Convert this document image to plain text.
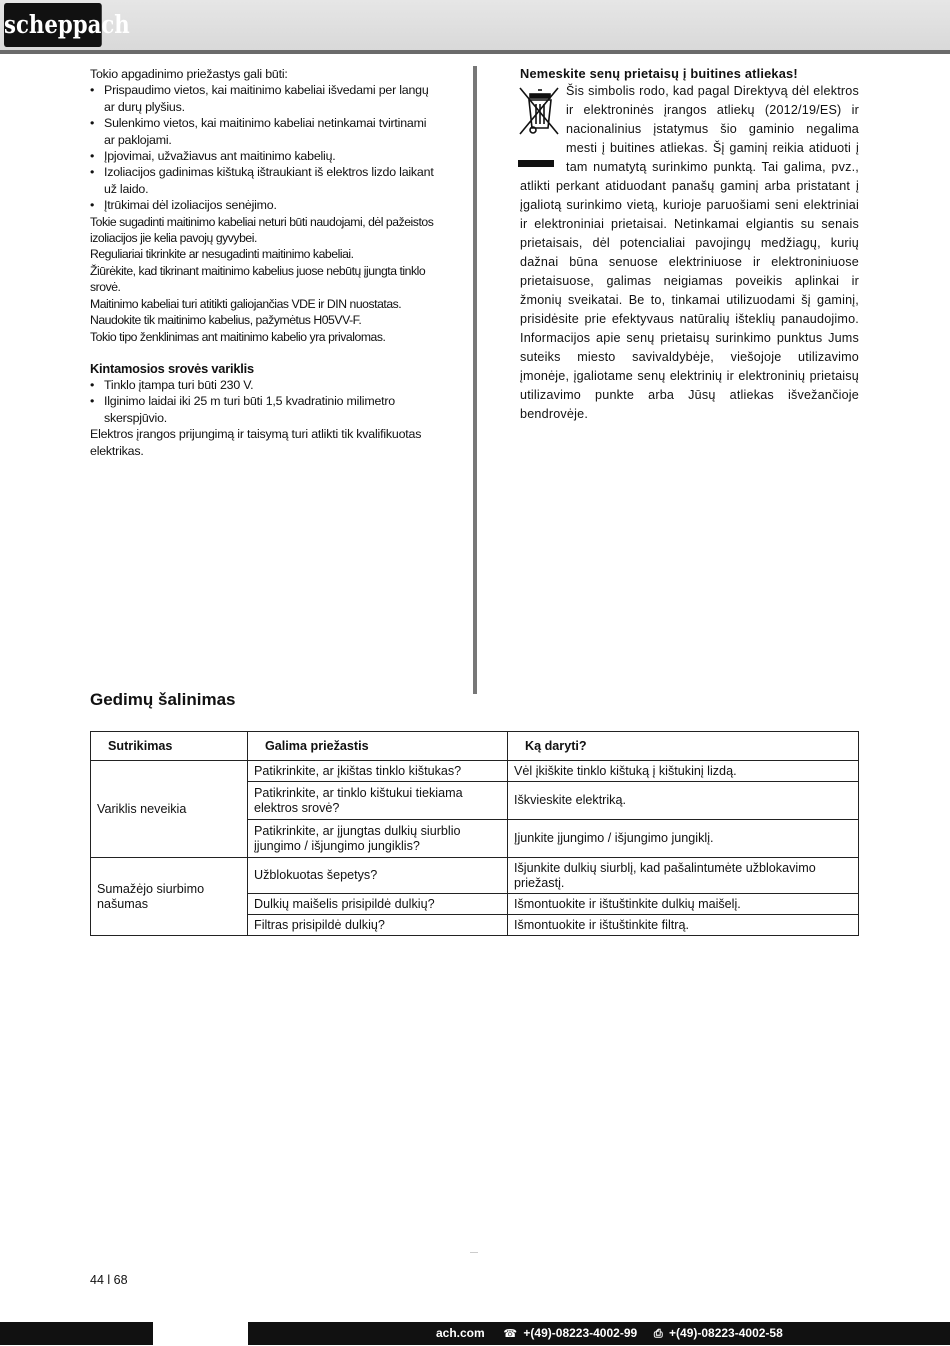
scheppach

Tokio apgadinimo priežastys gali būti:

• Prispaudimo vietos, kai maitinimo kabeliai išvedami per langų ar durų plyšius.
• Sulenkimo vietos, kai maitinimo kabeliai netinkamai tvirtinami ar paklojami.
• Įpjovimai, užvažiavus ant maitinimo kabelių.
• Izoliacijos gadinimas kištuką ištraukiant iš elektros lizdo laikant už laido.
• Įtrūkimai dėl izoliacijos senėjimo.

Tokie sugadinti maitinimo kabeliai neturi būti naudojami, dėl pažeistos izoliacijos jie kelia pavojų gyvybei.

Reguliariai tikrinkite ar nesugadinti maitinimo kabeliai.

Žiūrėkite, kad tikrinant maitinimo kabelius juose nebūtų įjungta tinklo srovė.

Maitinimo kabeliai turi atitikti galiojančias VDE ir DIN nuostatas. Naudokite tik maitinimo kabelius, pažymėtus H05VV-F.

Tokio tipo ženklinimas ant maitinimo kabelio yra privalomas.

Kintamosios srovės variklis
• Tinklo įtampa turi būti 230 V.
• Ilginimo laidai iki 25 m turi būti 1,5 kvadratinio milimetro skerspjūvio.

Elektros įrangos prijungimą ir taisymą turi atlikti tik kvalifikuotas elektrikas.

Nemeskite senų prietaisų į buitines atliekas!

Šis simbolis rodo, kad pagal Direktyvą dėl elektros ir elektroninės įrangos atliekų (2012/19/ES) ir nacionalinius įstatymus šio gaminio negalima mesti į buitines atliekas. Šį gaminį reikia atiduoti į tam numatytą surinkimo punktą. Tai galima, pvz., atlikti perkant atiduodant panašų gaminį arba pristatant į įgaliotą surinkimo vietą, kurioje paruošiami seni elektriniai ir elektroniniai prietaisai. Netinkamai elgiantis su senais prietaisais, dėl potencialiai pavojingų medžiagų, kurių dažnai būna senuose elektriniuose ir elektroniniuose prietaisuose, galimas neigiamas poveikis aplinkai ir žmonių sveikatai. Be to, tinkamai utilizuodami šį gaminį, prisidėsite prie efektyvaus natūralių išteklių panaudojimo. Informacijos apie senų prietaisų surinkimo punktus Jums suteiks miesto savivaldybėje, viešojoje utilizavimo įmonėje, įgaliotame senų elektrinių ir elektroninių prietaisų utilizavimo punkte arba Jūsų atliekas išvežančioje bendrovėje.

Gedimų šalinimas
Sutrikimas	Galima priežastis	Ką daryti?
Variklis neveikia	Patikrinkite, ar įkištas tinklo kištukas?	Vėl įkiškite tinklo kištuką į kištukinį lizdą.
	Patikrinkite, ar tinklo kištukui tiekiama elektros srovė?	Iškvieskite elektriką.
	Patikrinkite, ar įjungtas dulkių siurblio įjungimo / išjungimo jungiklis?	Įjunkite įjungimo / išjungimo jungiklį.
Sumažėjo siurbimo našumas	Užblokuotas šepetys?	Išjunkite dulkių siurblį, kad pašalintumėte užblokavimo priežastį.
	Dulkių maišelis prisipildė dulkių?	Išmontuokite ir ištuštinkite dulkių maišelį.
	Filtras prisipildė dulkių?	Išmontuokite ir ištuštinkite filtrą.
44 l 68
ach.com ☎ +(49)-08223-4002-99 ⎙ +(49)-08223-4002-58
